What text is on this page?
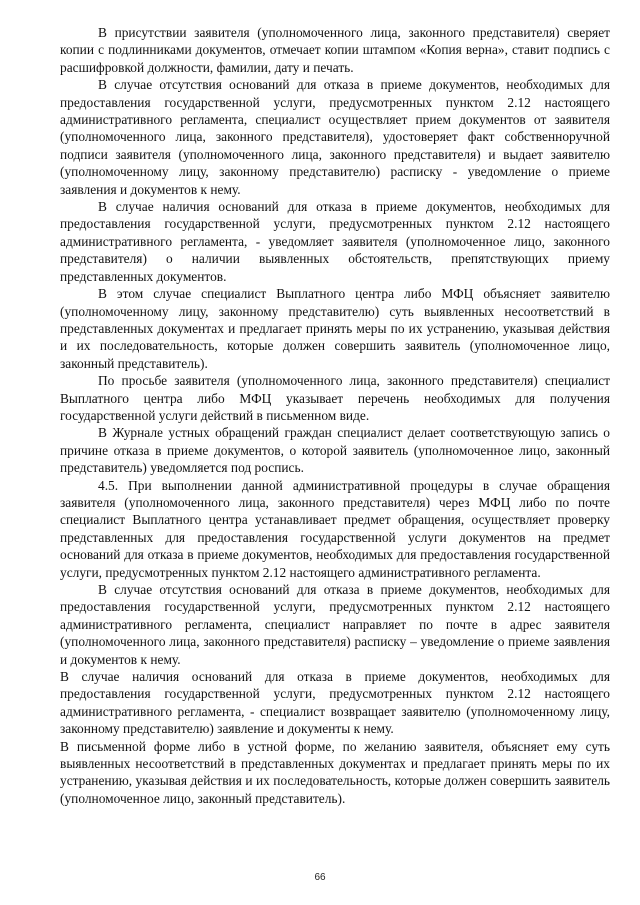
В присутствии заявителя (уполномоченного лица, законного представителя) сверяет копии с подлинниками документов, отмечает копии штампом «Копия верна», ставит подпись с расшифровкой должности, фамилии, дату и печать.

В случае отсутствия оснований для отказа в приеме документов, необходимых для предоставления государственной услуги, предусмотренных пунктом 2.12 настоящего административного регламента, специалист осуществляет прием документов от заявителя (уполномоченного лица, законного представителя), удостоверяет факт собственноручной подписи заявителя (уполномоченного лица, законного представителя) и выдает заявителю (уполномоченному лицу, законному представителю) расписку - уведомление о приеме заявления и документов к нему.

В случае наличия оснований для отказа в приеме документов, необходимых для предоставления государственной услуги, предусмотренных пунктом 2.12 настоящего административного регламента, - уведомляет заявителя (уполномоченное лицо, законного представителя) о наличии выявленных обстоятельств, препятствующих приему представленных документов.

В этом случае специалист Выплатного центра либо МФЦ объясняет заявителю (уполномоченному лицу, законному представителю) суть выявленных несоответствий в представленных документах и предлагает принять меры по их устранению, указывая действия и их последовательность, которые должен совершить заявитель (уполномоченное лицо, законный представитель).

По просьбе заявителя (уполномоченного лица, законного представителя) специалист Выплатного центра либо МФЦ указывает перечень необходимых для получения государственной услуги действий в письменном виде.

В Журнале устных обращений граждан специалист делает соответствующую запись о причине отказа в приеме документов, о которой заявитель (уполномоченное лицо, законный представитель) уведомляется под роспись.

4.5. При выполнении данной административной процедуры в случае обращения заявителя (уполномоченного лица, законного представителя) через МФЦ либо по почте специалист Выплатного центра устанавливает предмет обращения, осуществляет проверку представленных для предоставления государственной услуги документов на предмет оснований для отказа в приеме документов, необходимых для предоставления государственной услуги, предусмотренных пунктом 2.12 настоящего административного регламента.

В случае отсутствия оснований для отказа в приеме документов, необходимых для предоставления государственной услуги, предусмотренных пунктом 2.12 настоящего административного регламента, специалист направляет по почте в адрес заявителя (уполномоченного лица, законного представителя) расписку – уведомление о приеме заявления и документов к нему.

В случае наличия оснований для отказа в приеме документов, необходимых для предоставления государственной услуги, предусмотренных пунктом 2.12 настоящего административного регламента, - специалист возвращает заявителю (уполномоченному лицу, законному представителю) заявление и документы к нему.

В письменной форме либо в устной форме, по желанию заявителя, объясняет ему суть выявленных несоответствий в представленных документах и предлагает принять меры по их устранению, указывая действия и их последовательность, которые должен совершить заявитель (уполномоченное лицо, законный представитель).

66
